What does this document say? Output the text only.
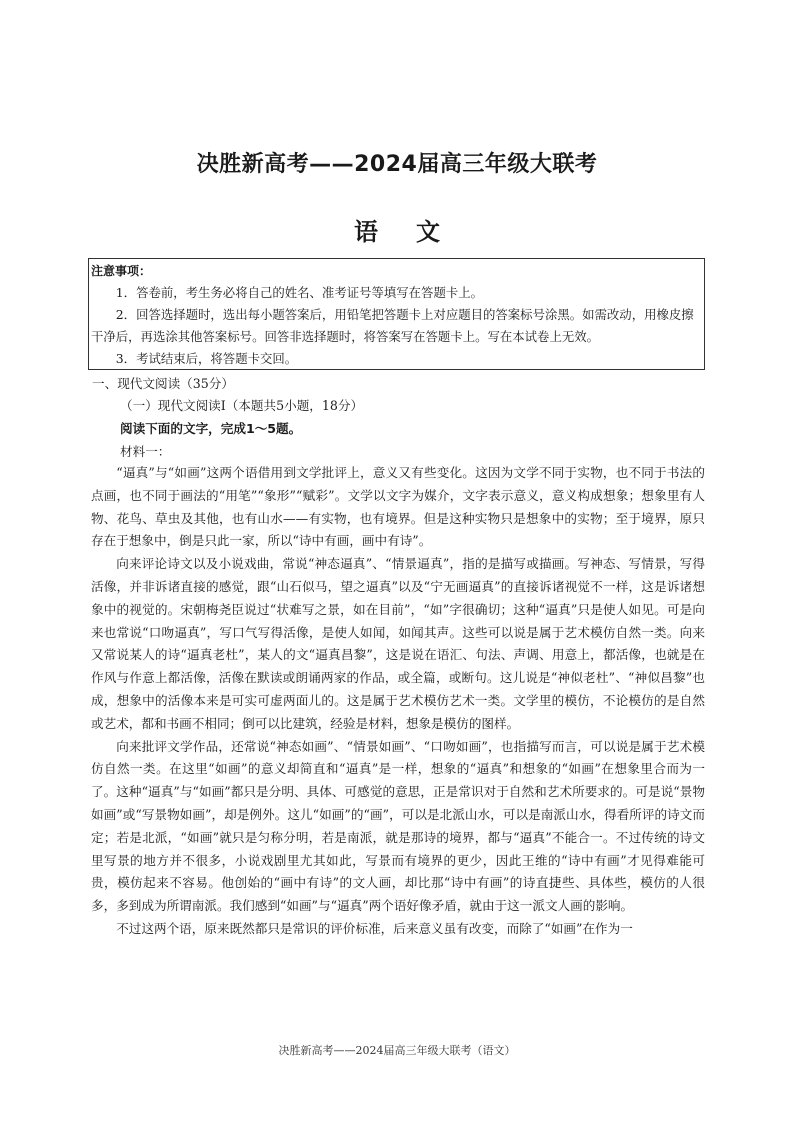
决胜新高考——2024届高三年级大联考
语文
注意事项：

1．答卷前，考生务必将自己的姓名、准考证号等填写在答题卡上。

2．回答选择题时，选出每小题答案后，用铅笔把答题卡上对应题目的答案标号涂黑。如需改动，用橡皮擦干净后，再选涂其他答案标号。回答非选择题时，将答案写在答题卡上。写在本试卷上无效。

3．考试结束后，将答题卡交回。

一、现代文阅读（35分）
（一）现代文阅读Ⅰ（本题共5小题，18分）
阅读下面的文字，完成1～5题。
材料一：

“逼真”与“如画”这两个语借用到文学批评上，意义又有些变化。这因为文学不同于实物，也不同于书法的点画，也不同于画法的“用笔”“象形”“赋彩”。文学以文字为媒介，文字表示意义，意义构成想象；想象里有人物、花鸟、草虫及其他，也有山水——有实物，也有境界。但是这种实物只是想象中的实物；至于境界，原只存在于想象中，倒是只此一家，所以“诗中有画，画中有诗”。

向来评论诗文以及小说戏曲，常说“神态逼真”、“情景逼真”，指的是描写或描画。写神态、写情景，写得活像，并非诉诸直接的感觉，跟“山石似马，望之逼真”以及“宁无画逼真”的直接诉诸视觉不一样，这是诉诸想象中的视觉的。宋朝梅尧臣说过“状难写之景，如在目前”，“如”字很确切；这种“逼真”只是使人如见。可是向来也常说“口吻逼真”，写口气写得活像，是使人如闻，如闻其声。这些可以说是属于艺术模仿自然一类。向来又常说某人的诗“逼真老杜”，某人的文“逼真昌黎”，这是说在语汇、句法、声调、用意上，都活像，也就是在作风与作意上都活像，活像在默读或朗诵两家的作品，或全篇，或断句。这儿说是“神似老杜”、“神似昌黎”也成，想象中的活像本来是可实可虚两面儿的。这是属于艺术模仿艺术一类。文学里的模仿，不论模仿的是自然或艺术，都和书画不相同；倒可以比建筑，经验是材料，想象是模仿的图样。

向来批评文学作品，还常说“神态如画”、“情景如画”、“口吻如画”，也指描写而言，可以说是属于艺术模仿自然一类。在这里“如画”的意义却简直和“逼真”是一样，想象的“逼真”和想象的“如画”在想象里合而为一了。这种“逼真”与“如画”都只是分明、具体、可感觉的意思，正是常识对于自然和艺术所要求的。可是说“景物如画”或“写景物如画”，却是例外。这儿“如画”的“画”，可以是北派山水，可以是南派山水，得看所评的诗文而定；若是北派，“如画”就只是匀称分明，若是南派，就是那诗的境界，都与“逼真”不能合一。不过传统的诗文里写景的地方并不很多，小说戏剧里尤其如此，写景而有境界的更少，因此王维的“诗中有画”才见得难能可贵，模仿起来不容易。他创始的“画中有诗”的文人画，却比那“诗中有画”的诗直捷些、具体些，模仿的人很多，多到成为所谓南派。我们感到“如画”与“逼真”两个语好像矛盾，就由于这一派文人画的影响。

不过这两个语，原来既然都只是常识的评价标准，后来意义虽有改变，而除了“如画”在作为一

决胜新高考——2024届高三年级大联考（语文）
